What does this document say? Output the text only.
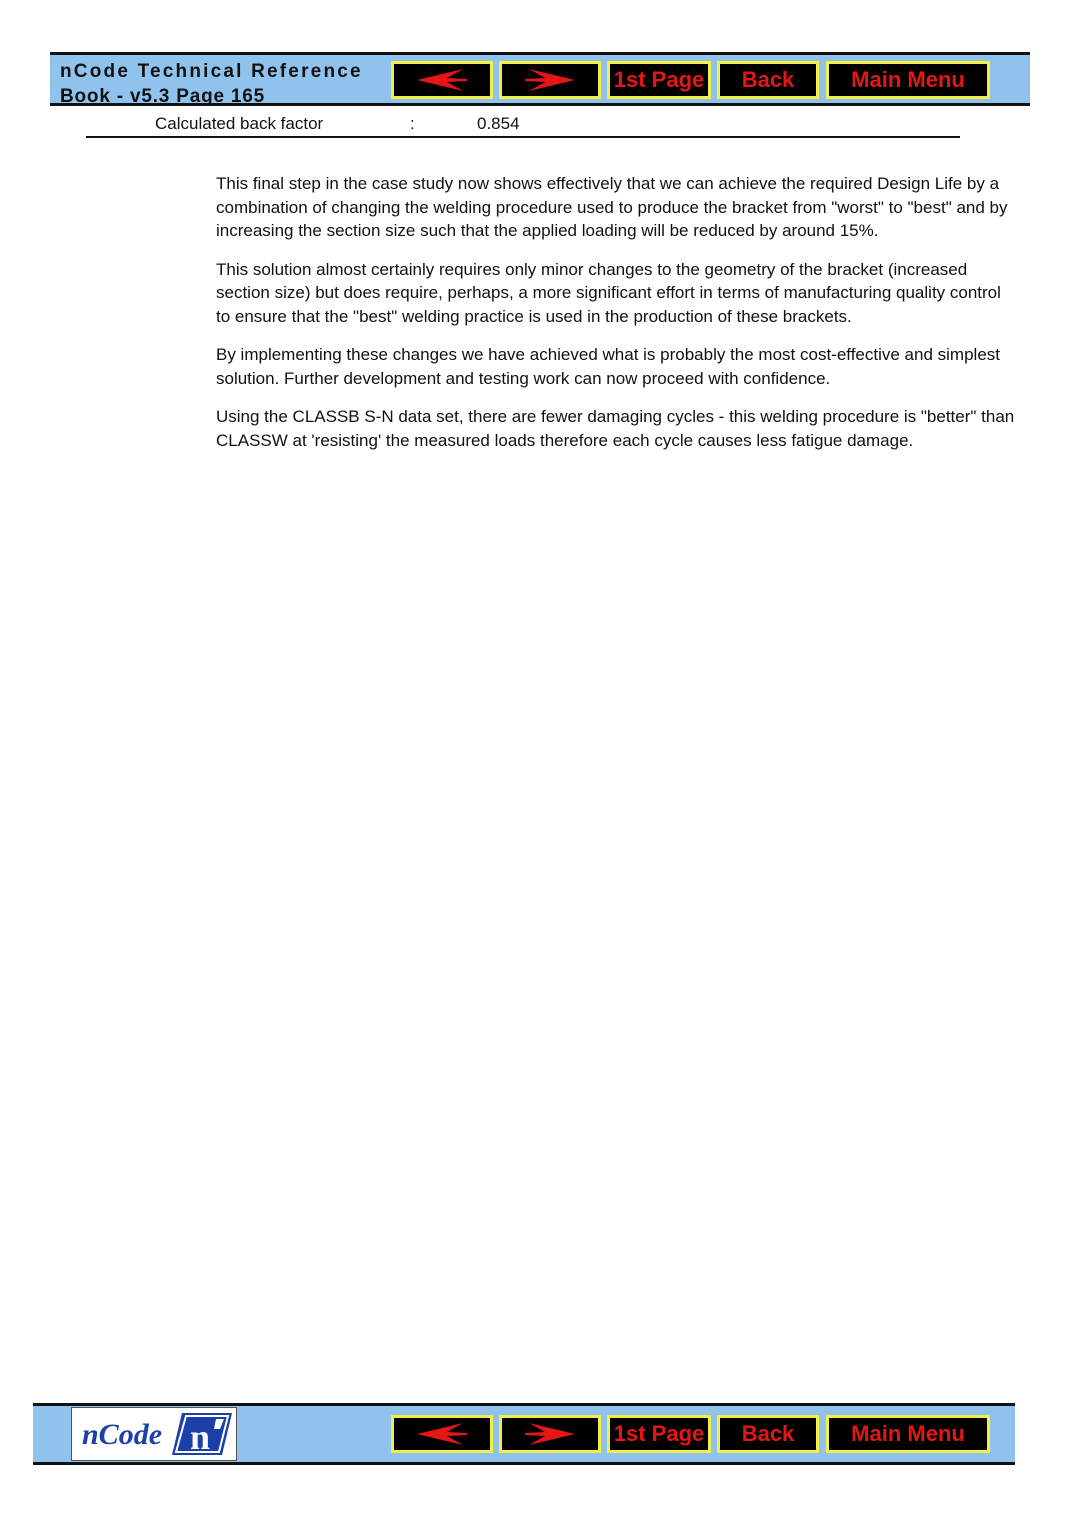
nCode Technical Reference
Book - v5.3 Page 165
1st Page Back	Main Menu
Calculated back factor	:	0.854

This final step in the case study now shows effectively that we can achieve the required Design Life by a combination of changing the welding procedure used to produce the bracket from "worst" to "best" and by increasing the section size such that the applied loading will be reduced by around 15%.

This solution almost certainly requires only minor changes to the geometry of the bracket (increased section size) but does require, perhaps, a more significant effort in terms of manufacturing quality control to ensure that the "best" welding practice is used in the production of these brackets.

By implementing these changes we have achieved what is probably the most cost-effective and simplest solution. Further development and testing work can now proceed with confidence.

Using the CLASSB S-N data set, there are fewer damaging cycles - this welding procedure is "better" than CLASSW at 'resisting' the measured loads therefore each cycle causes less fatigue damage.

nCode n	1st Page Back	Main Menu
